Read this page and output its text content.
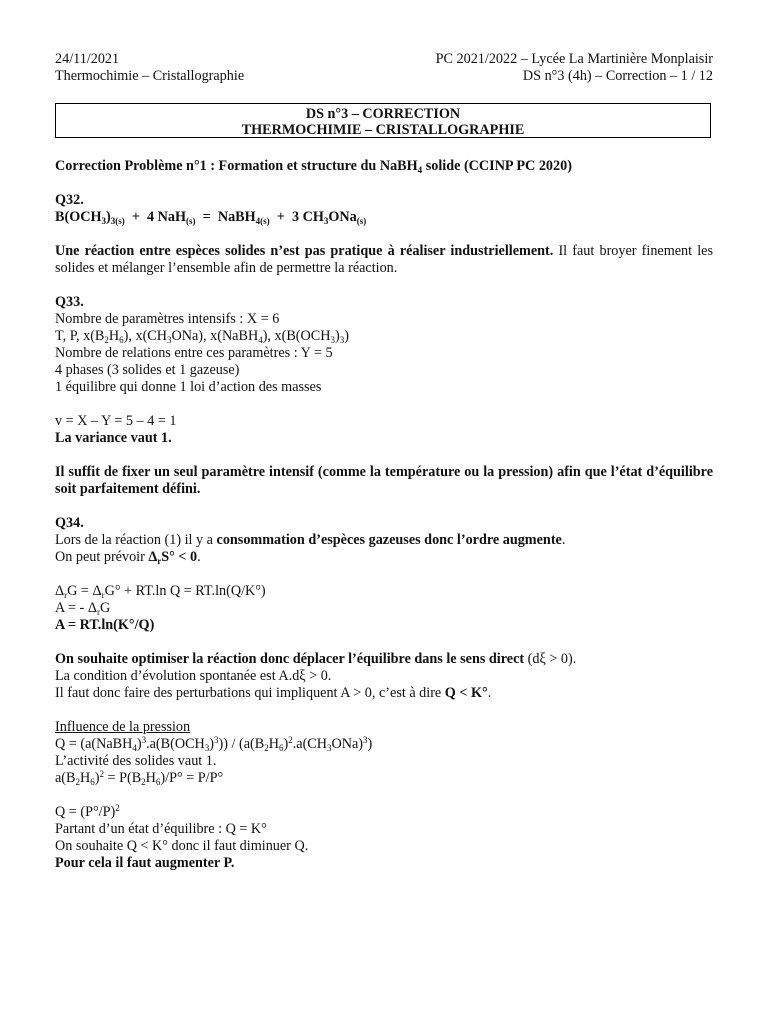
24/11/2021
Thermochimie – Cristallographie
PC 2021/2022 – Lycée La Martinière Monplaisir
DS n°3 (4h) – Correction – 1 / 12
DS n°3 – CORRECTION
THERMOCHIMIE – CRISTALLOGRAPHIE
Correction Problème n°1 : Formation et structure du NaBH$_4$ solide (CCINP PC 2020)
Q32.
$B(OCH_3)_{3(s)} + 4$ NaH$_{(s)}$  =  NaBH$_{4(s)}$  +  3 $CH_3ONa_{(s)}$
Une réaction entre espèces solides n’est pas pratique à réaliser industriellement. Il faut broyer finement les solides et mélanger l’ensemble afin de permettre la réaction.
Q33.
Nombre de paramètres intensifs : X = 6
T, P, $x(B_2H_6)$, $x(CH_3ONa)$, x(NaBH$_4$), $x(B(OCH_3)_3)$
Nombre de relations entre ces paramètres : Y = 5
4 phases (3 solides et 1 gazeuse)
1 équilibre qui donne 1 loi d’action des masses
v = X – Y = 5 – 4 = 1
La variance vaut 1.
Il suffit de fixer un seul paramètre intensif (comme la température ou la pression) afin que l’état d’équilibre soit parfaitement défini.
Q34.
Lors de la réaction (1) il y a consommation d’espèces gazeuses donc l’ordre augmente.
On peut prévoir $\Delta_rS^\circ < 0$.
$\Delta_rG = \Delta_rG^\circ + RT.\ln$ Q = RT.ln(Q/K°)
A = - $\Delta_rG$
A = RT.ln(K°/Q)
On souhaite optimiser la réaction donc déplacer l’équilibre dans le sens direct (dξ > 0).
La condition d’évolution spontanée est A.dξ > 0.
Il faut donc faire des perturbations qui impliquent A > 0, c’est à dire Q < K°.
Influence de la pression
$Q = (a(NaBH_4)^3.a(B(OCH_3)^3)) / (a(B_2H_6)^2.a(CH_3ONa)^3)$
L’activité des solides vaut 1.
$a(B_2H_6)^2 = P(B_2H_6)/P^\circ = P/P^\circ$
$Q = (P^\circ/P)^2$
Partant d’un état d’équilibre : Q = K°
On souhaite Q < K° donc il faut diminuer Q.
Pour cela il faut augmenter P.
